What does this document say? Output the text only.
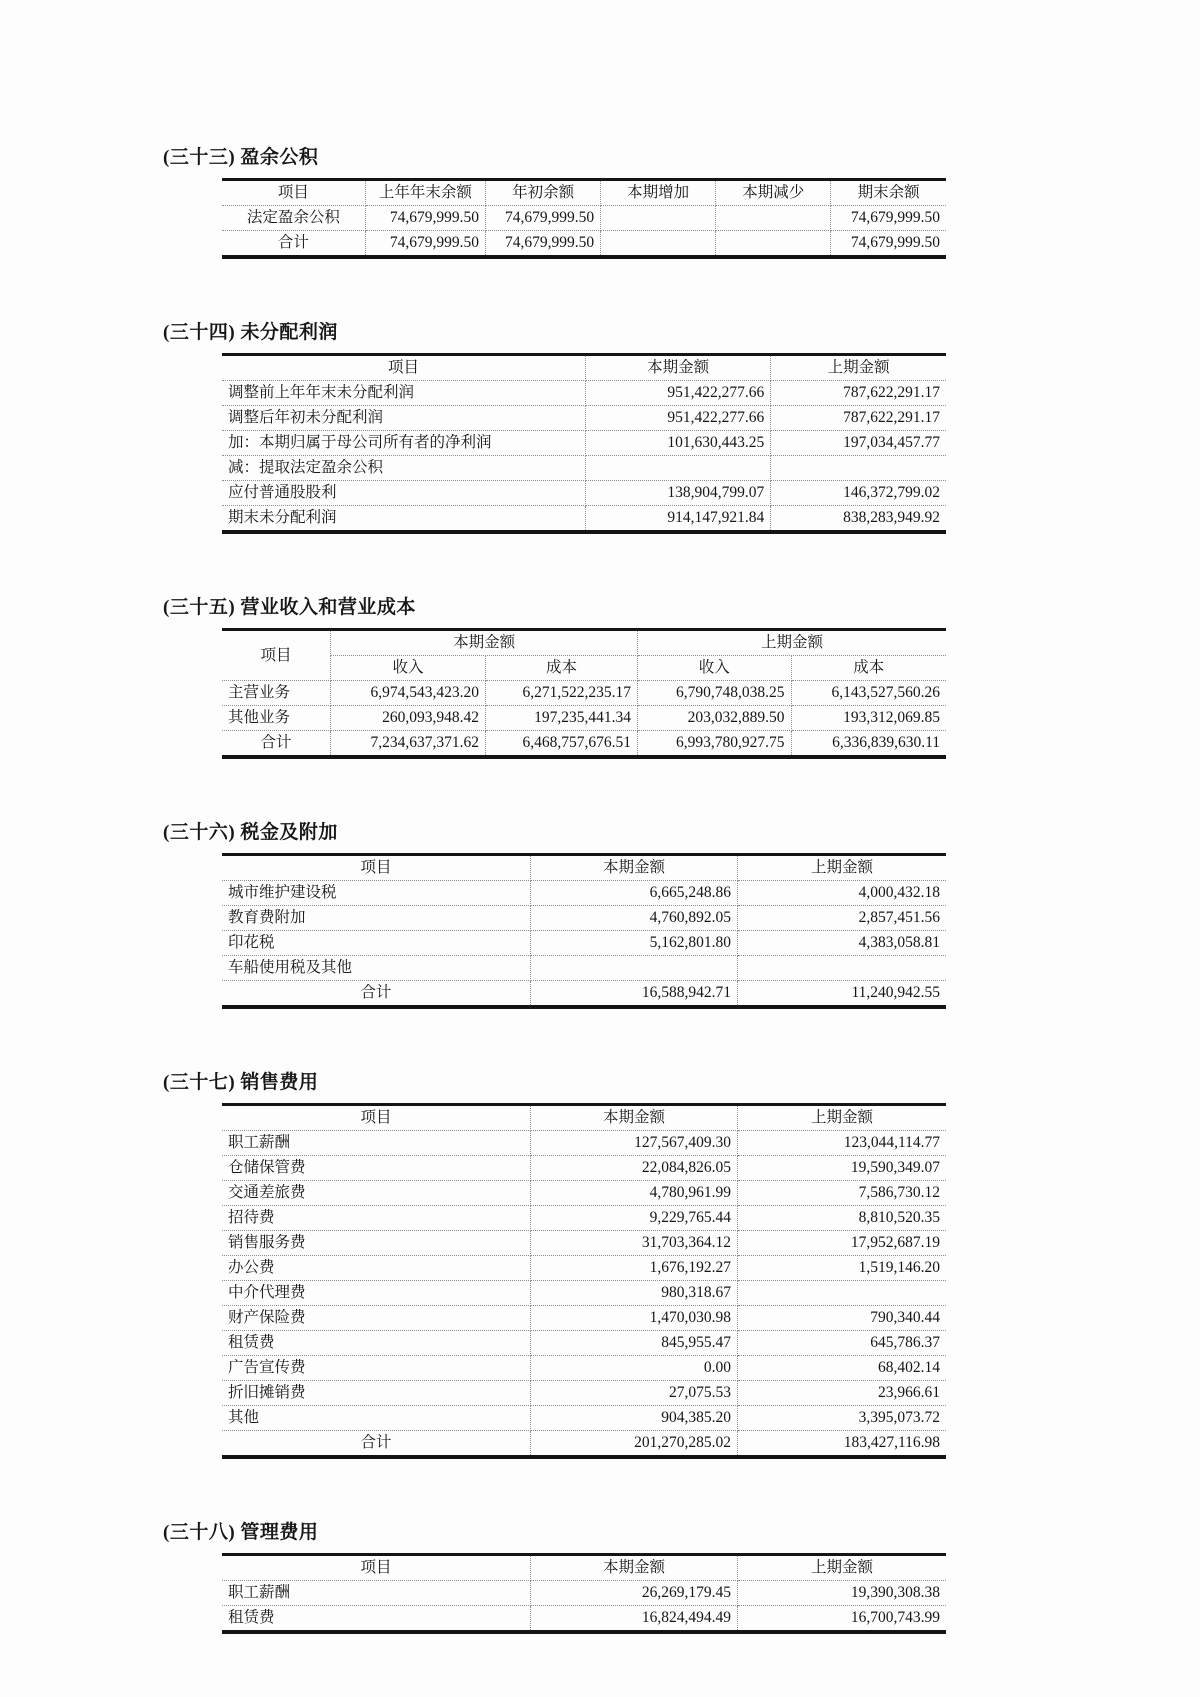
(三十三) 盈余公积
项目	上年年末余额	年初余额	本期增加	本期减少	期末余额
法定盈余公积	74,679,999.50	74,679,999.50			74,679,999.50
合计	74,679,999.50	74,679,999.50			74,679,999.50
(三十四) 未分配利润
项目	本期金额	上期金额
调整前上年年末未分配利润	951,422,277.66	787,622,291.17
调整后年初未分配利润	951,422,277.66	787,622,291.17
加：本期归属于母公司所有者的净利润	101,630,443.25	197,034,457.77
减：提取法定盈余公积		
应付普通股股利	138,904,799.07	146,372,799.02
期末未分配利润	914,147,921.84	838,283,949.92
(三十五) 营业收入和营业成本
项目	本期金额		上期金额	
	收入	成本	收入	成本
主营业务	6,974,543,423.20	6,271,522,235.17	6,790,748,038.25	6,143,527,560.26
其他业务	260,093,948.42	197,235,441.34	203,032,889.50	193,312,069.85
合计	7,234,637,371.62	6,468,757,676.51	6,993,780,927.75	6,336,839,630.11
(三十六) 税金及附加
项目	本期金额	上期金额
城市维护建设税	6,665,248.86	4,000,432.18
教育费附加	4,760,892.05	2,857,451.56
印花税	5,162,801.80	4,383,058.81
车船使用税及其他		
合计	16,588,942.71	11,240,942.55
(三十七) 销售费用
项目	本期金额	上期金额
职工薪酬	127,567,409.30	123,044,114.77
仓储保管费	22,084,826.05	19,590,349.07
交通差旅费	4,780,961.99	7,586,730.12
招待费	9,229,765.44	8,810,520.35
销售服务费	31,703,364.12	17,952,687.19
办公费	1,676,192.27	1,519,146.20
中介代理费	980,318.67	
财产保险费	1,470,030.98	790,340.44
租赁费	845,955.47	645,786.37
广告宣传费	0.00	68,402.14
折旧摊销费	27,075.53	23,966.61
其他	904,385.20	3,395,073.72
合计	201,270,285.02	183,427,116.98
(三十八) 管理费用
项目	本期金额	上期金额
职工薪酬	26,269,179.45	19,390,308.38
租赁费	16,824,494.49	16,700,743.99
